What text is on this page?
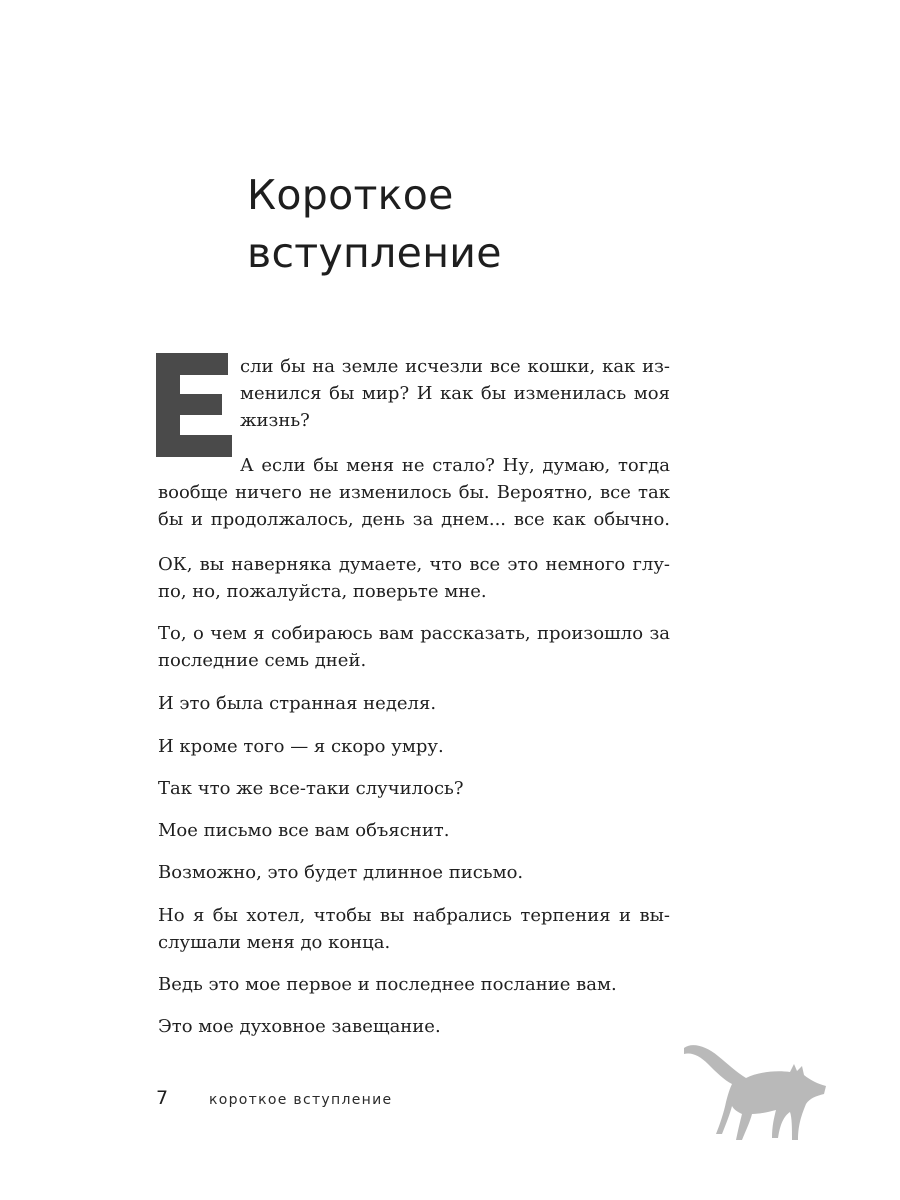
Короткое
вступление

сли бы на земле исчезли все кошки, как из-
менился бы мир? И как бы изменилась моя
жизнь?

А если бы меня не стало? Ну, думаю, тогда
вообще ничего не изменилось бы. Вероятно, все так
бы и продолжалось, день за днем... все как обычно.

ОК, вы наверняка думаете, что все это немного глу-
по, но, пожалуйста, поверьте мне.

То, о чем я собираюсь вам рассказать, произошло за
последние семь дней.

И это была странная неделя.

И кроме того — я скоро умру.

Так что же все-таки случилось?

Мое письмо все вам объяснит.

Возможно, это будет длинное письмо.

Но я бы хотел, чтобы вы набрались терпения и вы-
слушали меня до конца.

Ведь это мое первое и последнее послание вам.

Это мое духовное завещание.

7	короткое вступление
